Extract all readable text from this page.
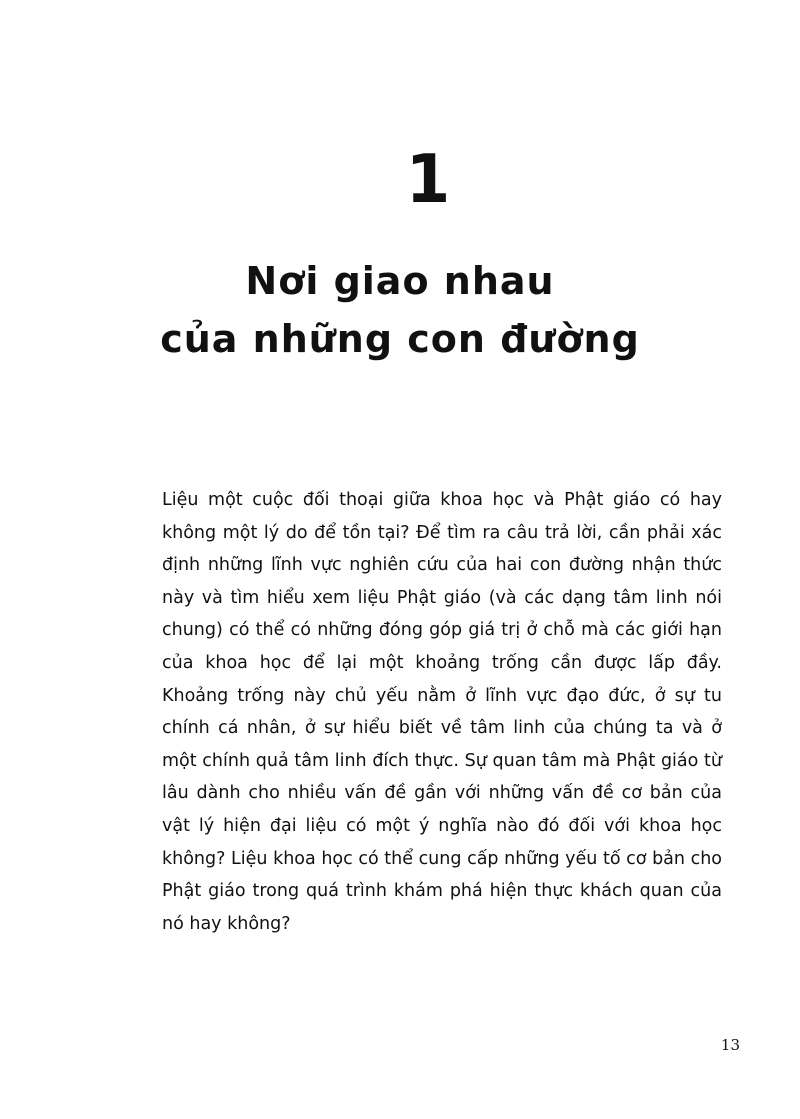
1
Nơi giao nhau
của những con đường

Liệu một cuộc đối thoại giữa khoa học và Phật giáo có hay không một lý do để tồn tại? Để tìm ra câu trả lời, cần phải xác định những lĩnh vực nghiên cứu của hai con đường nhận thức này và tìm hiểu xem liệu Phật giáo (và các dạng tâm linh nói chung) có thể có những đóng góp giá trị ở chỗ mà các giới hạn của khoa học để lại một khoảng trống cần được lấp đầy. Khoảng trống này chủ yếu nằm ở lĩnh vực đạo đức, ở sự tu chính cá nhân, ở sự hiểu biết về tâm linh của chúng ta và ở một chính quả tâm linh đích thực. Sự quan tâm mà Phật giáo từ lâu dành cho nhiều vấn đề gần với những vấn đề cơ bản của vật lý hiện đại liệu có một ý nghĩa nào đó đối với khoa học không? Liệu khoa học có thể cung cấp những yếu tố cơ bản cho Phật giáo trong quá trình khám phá hiện thực khách quan của nó hay không?

13
